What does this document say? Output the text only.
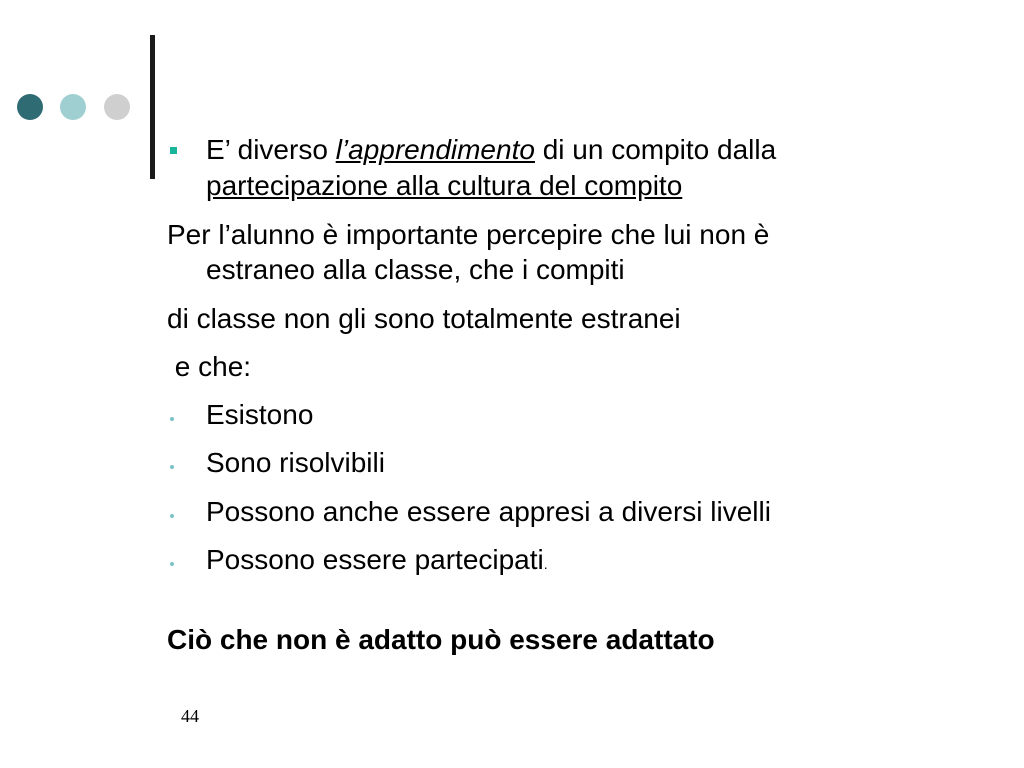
E’ diverso l’apprendimento di un compito dalla
partecipazione alla cultura del compito
Per l’alunno è importante percepire che lui non è
estraneo alla classe, che i compiti
di classe non gli sono totalmente estranei
e che:
Esistono
Sono risolvibili
Possono anche essere appresi a diversi livelli
Possono essere partecipati.
Ciò che non è adatto può essere adattato
44
